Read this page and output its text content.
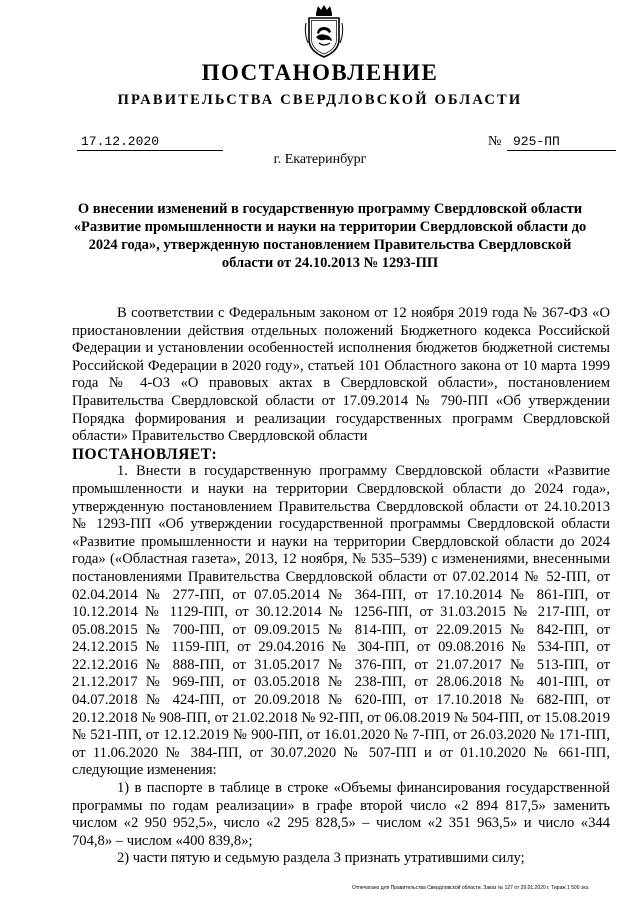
ПОСТАНОВЛЕНИЕ
ПРАВИТЕЛЬСТВА СВЕРДЛОВСКОЙ ОБЛАСТИ
17.12.2020	№ 925-ПП
г. Екатеринбург
О внесении изменений в государственную программу Свердловской области «Развитие промышленности и науки на территории Свердловской области до 2024 года», утвержденную постановлением Правительства Свердловской области от 24.10.2013 № 1293-ПП

В соответствии с Федеральным законом от 12 ноября 2019 года № 367-ФЗ «О приостановлении действия отдельных положений Бюджетного кодекса Российской Федерации и установлении особенностей исполнения бюджетов бюджетной системы Российской Федерации в 2020 году», статьей 101 Областного закона от 10 марта 1999 года № 4-ОЗ «О правовых актах в Свердловской области», постановлением Правительства Свердловской области от 17.09.2014 № 790-ПП «Об утверждении Порядка формирования и реализации государственных программ Свердловской области» Правительство Свердловской области

ПОСТАНОВЛЯЕТ:

1. Внести в государственную программу Свердловской области «Развитие промышленности и науки на территории Свердловской области до 2024 года», утвержденную постановлением Правительства Свердловской области от 24.10.2013 № 1293-ПП «Об утверждении государственной программы Свердловской области «Развитие промышленности и науки на территории Свердловской области до 2024 года» («Областная газета», 2013, 12 ноября, № 535–539) с изменениями, внесенными постановлениями Правительства Свердловской области от 07.02.2014 № 52-ПП, от 02.04.2014 № 277-ПП, от 07.05.2014 № 364-ПП, от 17.10.2014 № 861-ПП, от 10.12.2014 № 1129-ПП, от 30.12.2014 № 1256-ПП, от 31.03.2015 № 217-ПП, от 05.08.2015 № 700-ПП, от 09.09.2015 № 814-ПП, от 22.09.2015 № 842-ПП, от 24.12.2015 № 1159-ПП, от 29.04.2016 № 304-ПП, от 09.08.2016 № 534-ПП, от 22.12.2016 № 888-ПП, от 31.05.2017 № 376-ПП, от 21.07.2017 № 513-ПП, от 21.12.2017 № 969-ПП, от 03.05.2018 № 238-ПП, от 28.06.2018 № 401-ПП, от 04.07.2018 № 424-ПП, от 20.09.2018 № 620-ПП, от 17.10.2018 № 682-ПП, от 20.12.2018 № 908-ПП, от 21.02.2018 № 92-ПП, от 06.08.2019 № 504-ПП, от 15.08.2019 № 521-ПП, от 12.12.2019 № 900-ПП, от 16.01.2020 № 7-ПП, от 26.03.2020 № 171-ПП, от 11.06.2020 № 384-ПП, от 30.07.2020 № 507-ПП и от 01.10.2020 № 661-ПП, следующие изменения:

1) в паспорте в таблице в строке «Объемы финансирования государственной программы по годам реализации» в графе второй число «2 894 817,5» заменить числом «2 950 952,5», число «2 295 828,5» – числом «2 351 963,5» и число «344 704,8» – числом «400 839,8»;

2) части пятую и седьмую раздела 3 признать утратившими силу;

Отпечатано для Правительства Свердловской области. Заказ № 127 от 29.01.2020 г. Тираж 1 500 экз.
